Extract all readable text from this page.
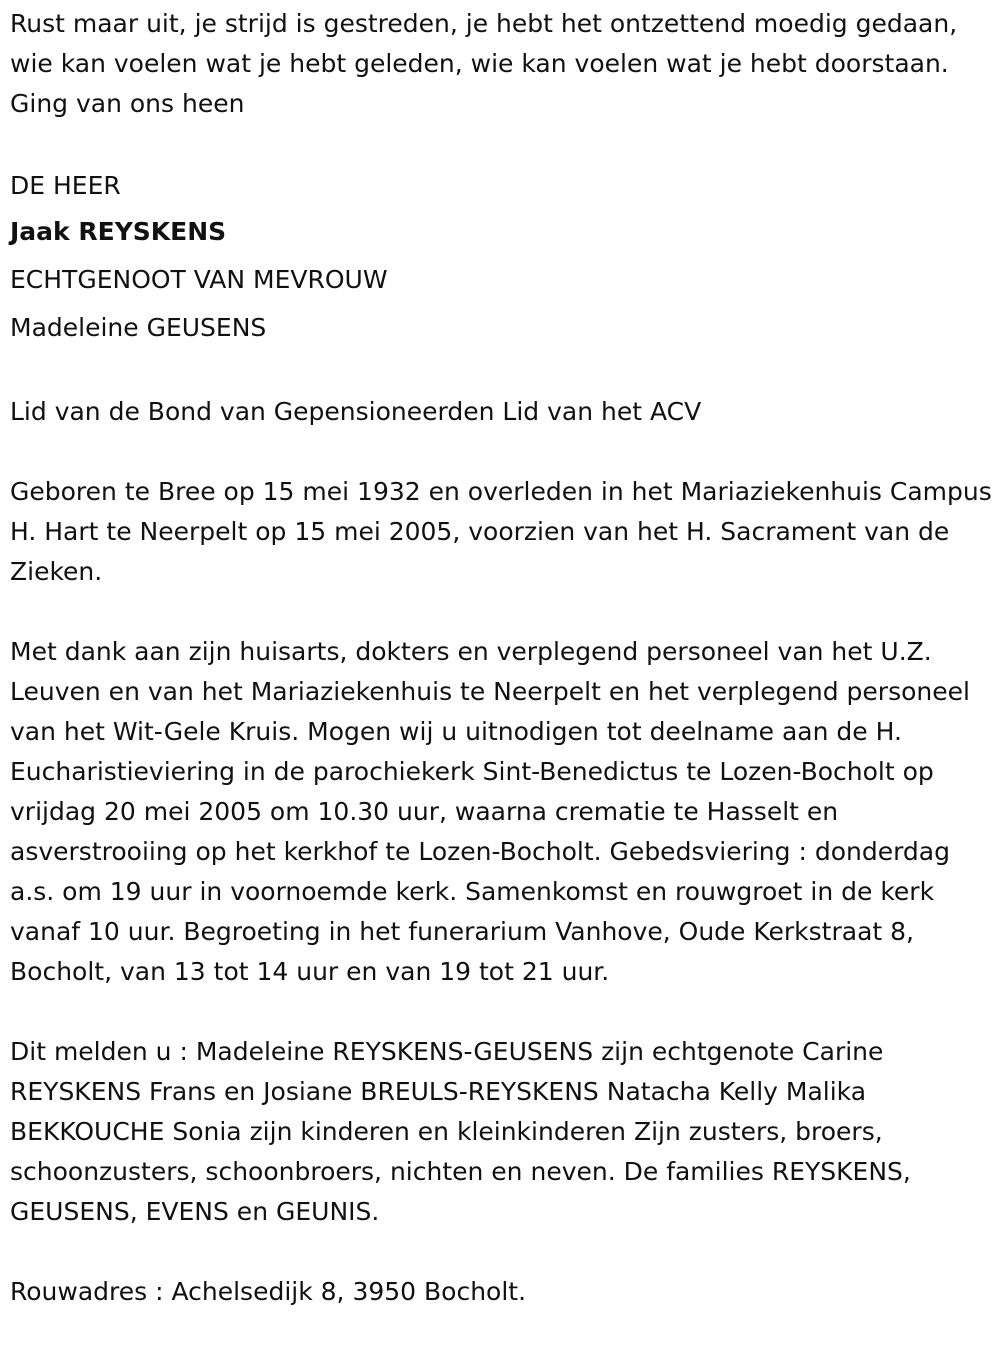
Rust maar uit, je strijd is gestreden, je hebt het ontzettend moedig gedaan, wie kan voelen wat je hebt geleden, wie kan voelen wat je hebt doorstaan. Ging van ons heen

DE HEER

Jaak REYSKENS

ECHTGENOOT VAN MEVROUW

Madeleine GEUSENS

Lid van de Bond van Gepensioneerden Lid van het ACV

Geboren te Bree op 15 mei 1932 en overleden in het Mariaziekenhuis Campus H. Hart te Neerpelt op 15 mei 2005, voorzien van het H. Sacrament van de Zieken.

Met dank aan zijn huisarts, dokters en verplegend personeel van het U.Z. Leuven en van het Mariaziekenhuis te Neerpelt en het verplegend personeel van het Wit-Gele Kruis. Mogen wij u uitnodigen tot deelname aan de H. Eucharistieviering in de parochiekerk Sint-Benedictus te Lozen-Bocholt op vrijdag 20 mei 2005 om 10.30 uur, waarna crematie te Hasselt en asverstrooiing op het kerkhof te Lozen-Bocholt. Gebedsviering : donderdag a.s. om 19 uur in voornoemde kerk. Samenkomst en rouwgroet in de kerk vanaf 10 uur. Begroeting in het funerarium Vanhove, Oude Kerkstraat 8, Bocholt, van 13 tot 14 uur en van 19 tot 21 uur.

Dit melden u : Madeleine REYSKENS-GEUSENS zijn echtgenote Carine REYSKENS Frans en Josiane BREULS-REYSKENS Natacha Kelly Malika BEKKOUCHE Sonia zijn kinderen en kleinkinderen Zijn zusters, broers, schoonzusters, schoonbroers, nichten en neven. De families REYSKENS, GEUSENS, EVENS en GEUNIS.

Rouwadres : Achelsedijk 8, 3950 Bocholt.
